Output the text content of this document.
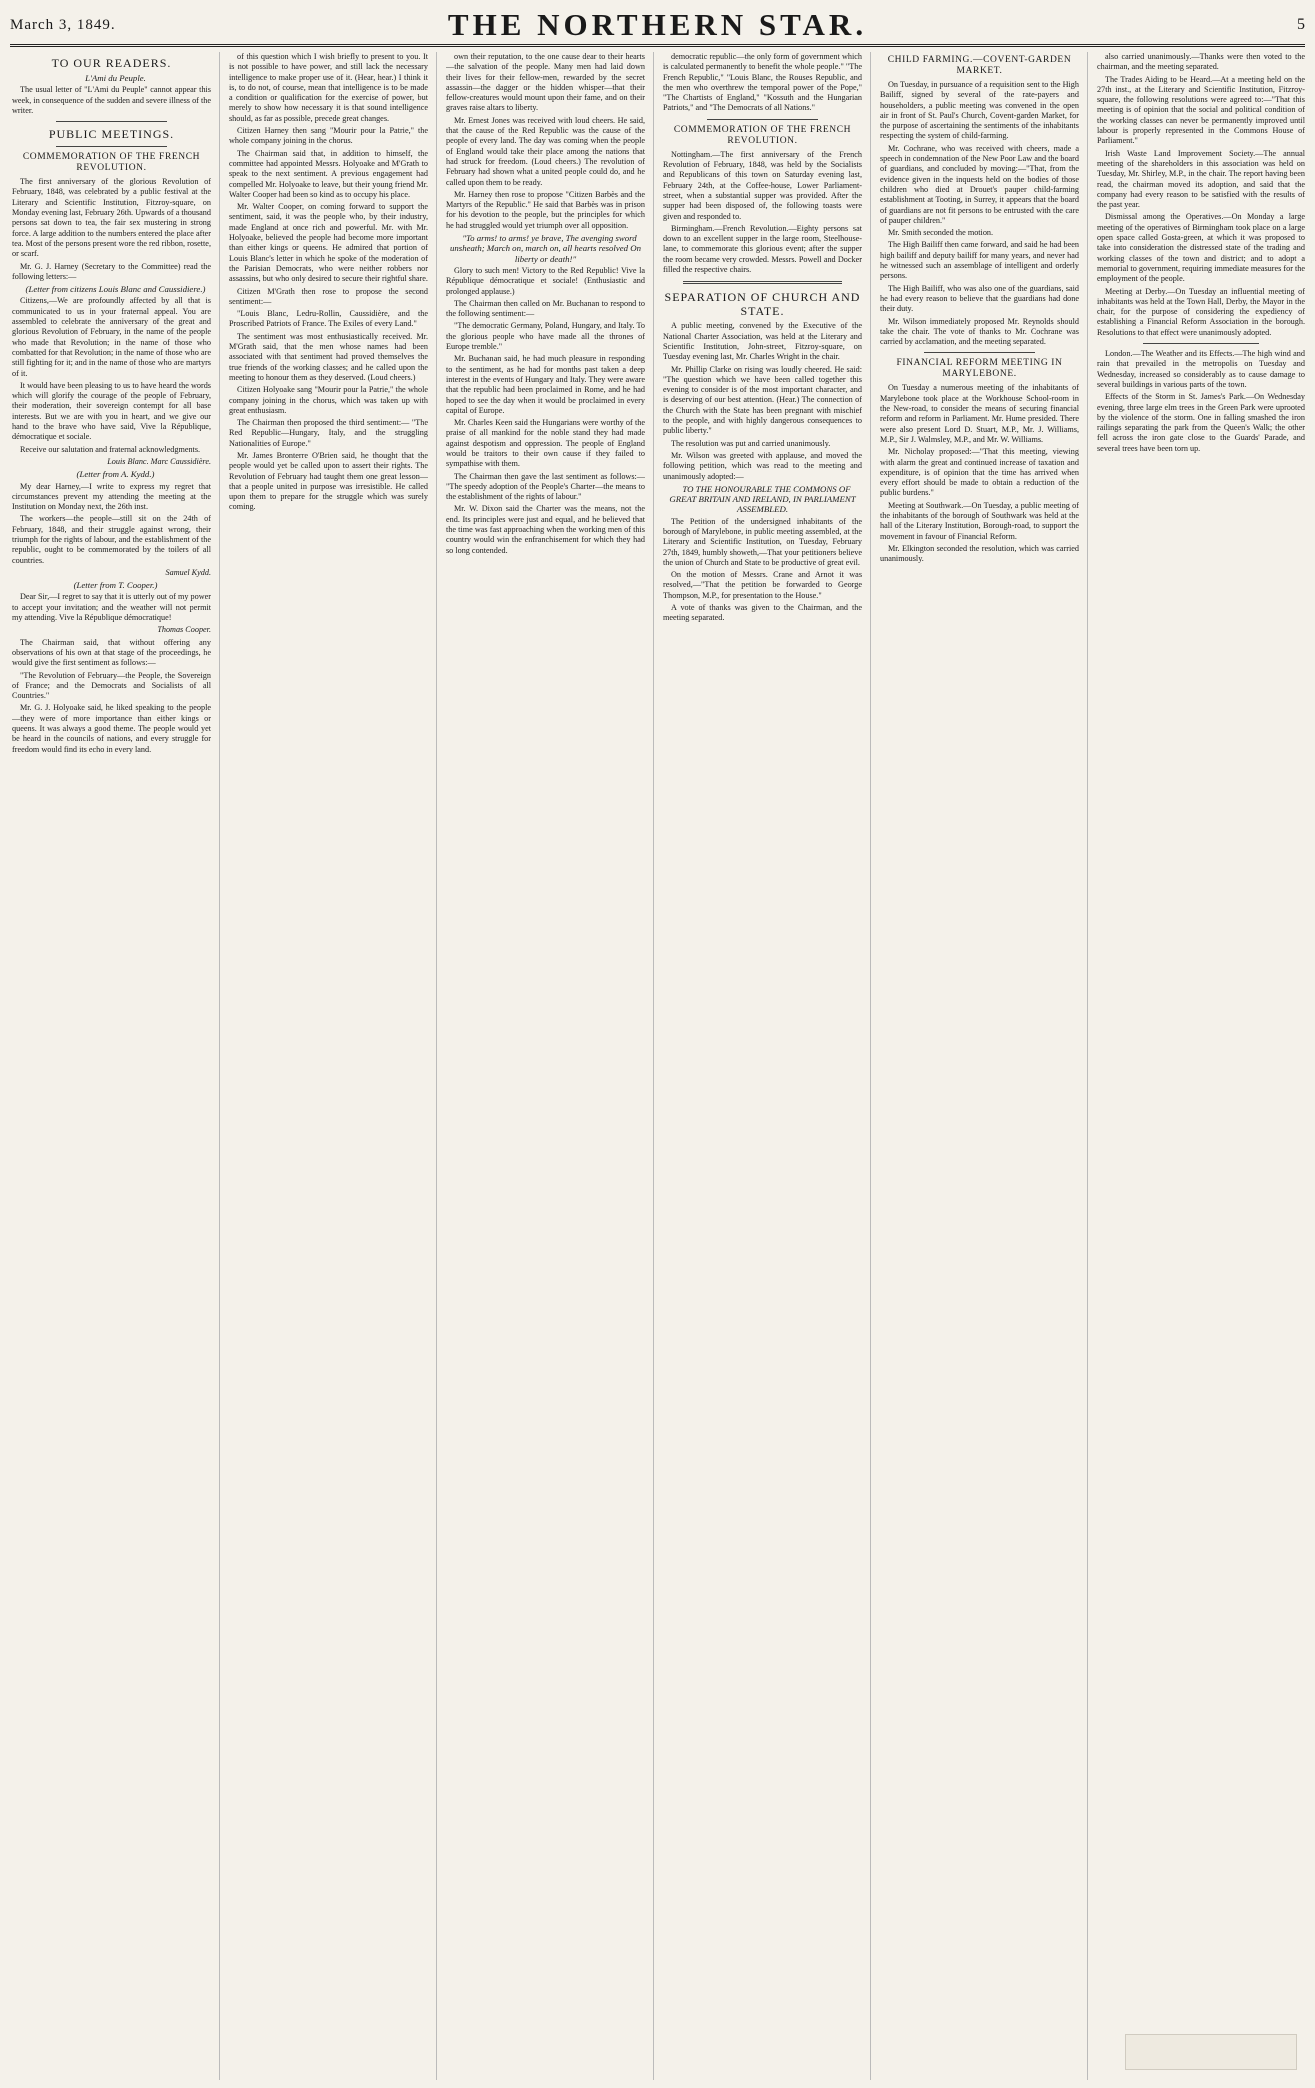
March 3, 1849.	THE NORTHERN STAR.	5
TO OUR READERS.

L'Ami du Peuple.

The usual letter of "L'Ami du Peuple" cannot appear this week, in consequence of the sudden and severe illness of the writer.

PUBLIC MEETINGS.
COMMEMORATION OF THE FRENCH REVOLUTION.

The first anniversary of the glorious Revolution of February, 1848, was celebrated by a public festival at the Literary and Scientific Institution, Fitzroy-square, on Monday evening last, February 26th. Upwards of a thousand persons sat down to tea, the fair sex mustering in strong force. A large addition to the numbers entered the place after tea. Most of the persons present wore the red ribbon, rosette, or scarf.

Mr. G. J. Harney (Secretary to the Committee) read the following letters:—

(Letter from citizens Louis Blanc and Caussidiere.)

Citizens,—We are profoundly affected by all that is communicated to us in your fraternal appeal. You are assembled to celebrate the anniversary of the great and glorious Revolution of February, in the name of the people who made that Revolution; in the name of those who combatted for that Revolution; in the name of those who are still fighting for it; and in the name of those who are martyrs of it.

It would have been pleasing to us to have heard the words which will glorify the courage of the people of February, their moderation, their sovereign contempt for all base interests. But we are with you in heart, and we give our hand to the brave who have said, Vive la République, démocratique et sociale.

Receive our salutation and fraternal acknowledgments.

Louis Blanc. Marc Caussidière.

(Letter from A. Kydd.)

My dear Harney,—I write to express my regret that circumstances prevent my attending the meeting at the Institution on Monday next, the 26th inst.

The workers—the people—still sit on the 24th of February, 1848, and their struggle against wrong, their triumph for the rights of labour, and the establishment of the republic, ought to be commemorated by the toilers of all countries.

Samuel Kydd.

(Letter from T. Cooper.)

Dear Sir,—I regret to say that it is utterly out of my power to accept your invitation; and the weather will not permit my attending. Vive la République démocratique!

Thomas Cooper.

The Chairman said, that without offering any observations of his own at that stage of the proceedings, he would give the first sentiment as follows:—

"The Revolution of February—the People, the Sovereign of France; and the Democrats and Socialists of all Countries."

Mr. G. J. Holyoake said, he liked speaking to the people—they were of more importance than either kings or queens. It was always a good theme. The people would yet be heard in the councils of nations, and every struggle for freedom would find its echo in every land.

of this question which I wish briefly to present to you. It is not possible to have power, and still lack the necessary intelligence to make proper use of it. (Hear, hear.) I think it is, to do not, of course, mean that intelligence is to be made a condition or qualification for the exercise of power, but merely to show how necessary it is that sound intelligence should, as far as possible, precede great changes.

Citizen Harney then sang "Mourir pour la Patrie," the whole company joining in the chorus.

The Chairman said that, in addition to himself, the committee had appointed Messrs. Holyoake and M'Grath to speak to the next sentiment. A previous engagement had compelled Mr. Holyoake to leave, but their young friend Mr. Walter Cooper had been so kind as to occupy his place.

Mr. Walter Cooper, on coming forward to support the sentiment, said, it was the people who, by their industry, made England at once rich and powerful. Mr. with Mr. Holyoake, believed the people had become more important than either kings or queens. He admired that portion of Louis Blanc's letter in which he spoke of the moderation of the Parisian Democrats, who were neither robbers nor assassins, but who only desired to secure their rightful share.

Citizen M'Grath then rose to propose the second sentiment:—

"Louis Blanc, Ledru-Rollin, Caussidière, and the Proscribed Patriots of France. The Exiles of every Land."

The sentiment was most enthusiastically received. Mr. M'Grath said, that the men whose names had been associated with that sentiment had proved themselves the true friends of the working classes; and he called upon the meeting to honour them as they deserved. (Loud cheers.)

Citizen Holyoake sang "Mourir pour la Patrie," the whole company joining in the chorus, which was taken up with great enthusiasm.

The Chairman then proposed the third sentiment:— "The Red Republic—Hungary, Italy, and the struggling Nationalities of Europe."

Mr. James Bronterre O'Brien said, he thought that the people would yet be called upon to assert their rights. The Revolution of February had taught them one great lesson—that a people united in purpose was irresistible. He called upon them to prepare for the struggle which was surely coming.

own their reputation, to the one cause dear to their hearts—the salvation of the people. Many men had laid down their lives for their fellow-men, rewarded by the secret assassin—the dagger or the hidden whisper—that their fellow-creatures would mount upon their fame, and on their graves raise altars to liberty.

Mr. Ernest Jones was received with loud cheers. He said, that the cause of the Red Republic was the cause of the people of every land. The day was coming when the people of England would take their place among the nations that had struck for freedom. (Loud cheers.) The revolution of February had shown what a united people could do, and he called upon them to be ready.

Mr. Harney then rose to propose "Citizen Barbès and the Martyrs of the Republic." He said that Barbès was in prison for his devotion to the people, but the principles for which he had struggled would yet triumph over all opposition.

"To arms! to arms! ye brave, The avenging sword unsheath; March on, march on, all hearts resolved On liberty or death!"

Glory to such men! Victory to the Red Republic! Vive la République démocratique et sociale! (Enthusiastic and prolonged applause.)

The Chairman then called on Mr. Buchanan to respond to the following sentiment:—

"The democratic Germany, Poland, Hungary, and Italy. To the glorious people who have made all the thrones of Europe tremble."

Mr. Buchanan said, he had much pleasure in responding to the sentiment, as he had for months past taken a deep interest in the events of Hungary and Italy. They were aware that the republic had been proclaimed in Rome, and he had hoped to see the day when it would be proclaimed in every capital of Europe.

Mr. Charles Keen said the Hungarians were worthy of the praise of all mankind for the noble stand they had made against despotism and oppression. The people of England would be traitors to their own cause if they failed to sympathise with them.

The Chairman then gave the last sentiment as follows:— "The speedy adoption of the People's Charter—the means to the establishment of the rights of labour."

Mr. W. Dixon said the Charter was the means, not the end. Its principles were just and equal, and he believed that the time was fast approaching when the working men of this country would win the enfranchisement for which they had so long contended.

democratic republic—the only form of government which is calculated permanently to benefit the whole people." "The French Republic," "Louis Blanc, the Rouses Republic, and the men who overthrew the temporal power of the Pope," "The Chartists of England," "Kossuth and the Hungarian Patriots," and "The Democrats of all Nations."

COMMEMORATION OF THE FRENCH REVOLUTION.

Nottingham.—The first anniversary of the French Revolution of February, 1848, was held by the Socialists and Republicans of this town on Saturday evening last, February 24th, at the Coffee-house, Lower Parliament-street, when a substantial supper was provided. After the supper had been disposed of, the following toasts were given and responded to.

Birmingham.—French Revolution.—Eighty persons sat down to an excellent supper in the large room, Steelhouse-lane, to commemorate this glorious event; after the supper the room became very crowded. Messrs. Powell and Docker filled the respective chairs.

SEPARATION OF CHURCH AND STATE.

A public meeting, convened by the Executive of the National Charter Association, was held at the Literary and Scientific Institution, John-street, Fitzroy-square, on Tuesday evening last, Mr. Charles Wright in the chair.

Mr. Phillip Clarke on rising was loudly cheered. He said: "The question which we have been called together this evening to consider is of the most important character, and is deserving of our best attention. (Hear.) The connection of the Church with the State has been pregnant with mischief to the people, and with highly dangerous consequences to public liberty."

The resolution was put and carried unanimously.

Mr. Wilson was greeted with applause, and moved the following petition, which was read to the meeting and unanimously adopted:—

TO THE HONOURABLE THE COMMONS OF GREAT BRITAIN AND IRELAND, IN PARLIAMENT ASSEMBLED.

The Petition of the undersigned inhabitants of the borough of Marylebone, in public meeting assembled, at the Literary and Scientific Institution, on Tuesday, February 27th, 1849, humbly showeth,—That your petitioners believe the union of Church and State to be productive of great evil.

On the motion of Messrs. Crane and Arnot it was resolved,—"That the petition be forwarded to George Thompson, M.P., for presentation to the House."

A vote of thanks was given to the Chairman, and the meeting separated.

CHILD FARMING.—COVENT-GARDEN MARKET.

On Tuesday, in pursuance of a requisition sent to the High Bailiff, signed by several of the rate-payers and householders, a public meeting was convened in the open air in front of St. Paul's Church, Covent-garden Market, for the purpose of ascertaining the sentiments of the inhabitants respecting the system of child-farming.

Mr. Cochrane, who was received with cheers, made a speech in condemnation of the New Poor Law and the board of guardians, and concluded by moving:—"That, from the evidence given in the inquests held on the bodies of those children who died at Drouet's pauper child-farming establishment at Tooting, in Surrey, it appears that the board of guardians are not fit persons to be entrusted with the care of pauper children."

Mr. Smith seconded the motion.

The High Bailiff then came forward, and said he had been high bailiff and deputy bailiff for many years, and never had he witnessed such an assemblage of intelligent and orderly persons.

The High Bailiff, who was also one of the guardians, said he had every reason to believe that the guardians had done their duty.

Mr. Wilson immediately proposed Mr. Reynolds should take the chair. The vote of thanks to Mr. Cochrane was carried by acclamation, and the meeting separated.

FINANCIAL REFORM MEETING IN MARYLEBONE.

On Tuesday a numerous meeting of the inhabitants of Marylebone took place at the Workhouse School-room in the New-road, to consider the means of securing financial reform and reform in Parliament. Mr. Hume presided. There were also present Lord D. Stuart, M.P., Mr. J. Williams, M.P., Sir J. Walmsley, M.P., and Mr. W. Williams.

Mr. Nicholay proposed:—"That this meeting, viewing with alarm the great and continued increase of taxation and expenditure, is of opinion that the time has arrived when every effort should be made to obtain a reduction of the public burdens."

Meeting at Southwark.—On Tuesday, a public meeting of the inhabitants of the borough of Southwark was held at the hall of the Literary Institution, Borough-road, to support the movement in favour of Financial Reform.

Mr. Elkington seconded the resolution, which was carried unanimously.

also carried unanimously.—Thanks were then voted to the chairman, and the meeting separated.

The Trades Aiding to be Heard.—At a meeting held on the 27th inst., at the Literary and Scientific Institution, Fitzroy-square, the following resolutions were agreed to:—"That this meeting is of opinion that the social and political condition of the working classes can never be permanently improved until labour is properly represented in the Commons House of Parliament."

Irish Waste Land Improvement Society.—The annual meeting of the shareholders in this association was held on Tuesday, Mr. Shirley, M.P., in the chair. The report having been read, the chairman moved its adoption, and said that the company had every reason to be satisfied with the results of the past year.

Dismissal among the Operatives.—On Monday a large meeting of the operatives of Birmingham took place on a large open space called Gosta-green, at which it was proposed to take into consideration the distressed state of the trading and working classes of the town and district; and to adopt a memorial to government, requiring immediate measures for the employment of the people.

Meeting at Derby.—On Tuesday an influential meeting of inhabitants was held at the Town Hall, Derby, the Mayor in the chair, for the purpose of considering the expediency of establishing a Financial Reform Association in the borough. Resolutions to that effect were unanimously adopted.

London.—The Weather and its Effects.—The high wind and rain that prevailed in the metropolis on Tuesday and Wednesday, increased so considerably as to cause damage to several buildings in various parts of the town.

Effects of the Storm in St. James's Park.—On Wednesday evening, three large elm trees in the Green Park were uprooted by the violence of the storm. One in falling smashed the iron railings separating the park from the Queen's Walk; the other fell across the iron gate close to the Guards' Parade, and several trees have been torn up.
